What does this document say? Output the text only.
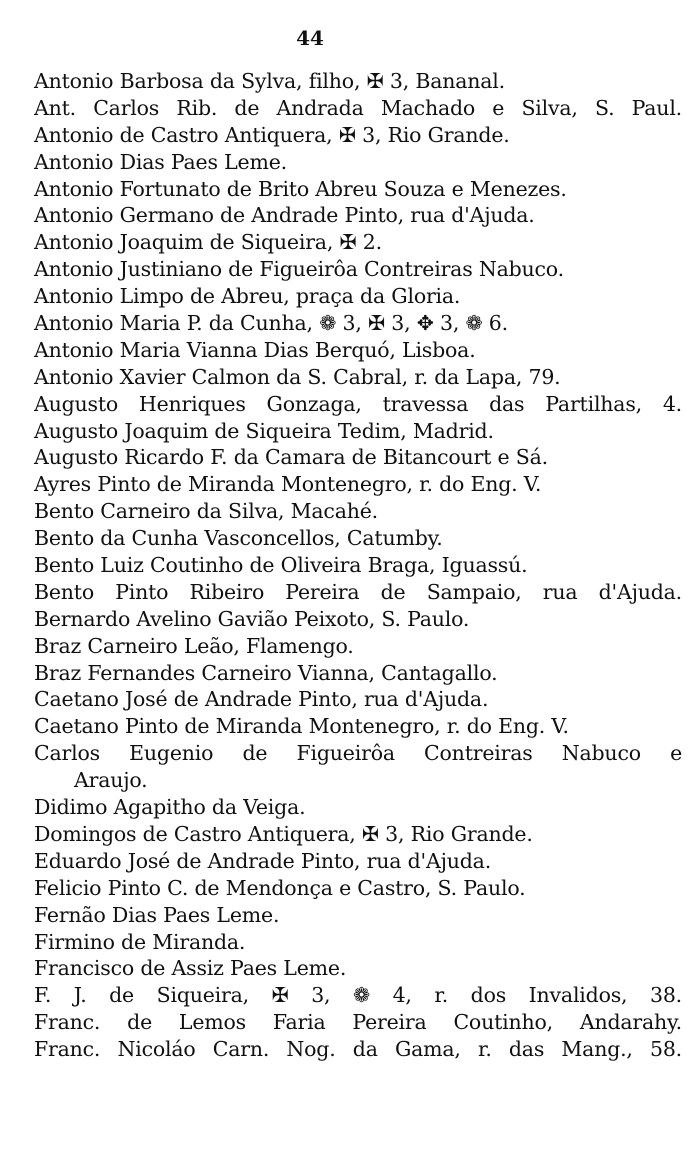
44
Antonio Barbosa da Sylva, filho, ✠ 3, Bananal.
Ant. Carlos Rib. de Andrada Machado e Silva, S. Paul.
Antonio de Castro Antiquera, ✠ 3, Rio Grande.
Antonio Dias Paes Leme.
Antonio Fortunato de Brito Abreu Souza e Menezes.
Antonio Germano de Andrade Pinto, rua d'Ajuda.
Antonio Joaquim de Siqueira, ✠ 2.
Antonio Justiniano de Figueirôa Contreiras Nabuco.
Antonio Limpo de Abreu, praça da Gloria.
Antonio Maria P. da Cunha, ❁ 3, ✠ 3, ✥ 3, ❁ 6.
Antonio Maria Vianna Dias Berquó, Lisboa.
Antonio Xavier Calmon da S. Cabral, r. da Lapa, 79.
Augusto Henriques Gonzaga, travessa das Partilhas, 4.
Augusto Joaquim de Siqueira Tedim, Madrid.
Augusto Ricardo F. da Camara de Bitancourt e Sá.
Ayres Pinto de Miranda Montenegro, r. do Eng. V.
Bento Carneiro da Silva, Macahé.
Bento da Cunha Vasconcellos, Catumby.
Bento Luiz Coutinho de Oliveira Braga, Iguassú.
Bento Pinto Ribeiro Pereira de Sampaio, rua d'Ajuda.
Bernardo Avelino Gavião Peixoto, S. Paulo.
Braz Carneiro Leão, Flamengo.
Braz Fernandes Carneiro Vianna, Cantagallo.
Caetano José de Andrade Pinto, rua d'Ajuda.
Caetano Pinto de Miranda Montenegro, r. do Eng. V.
Carlos Eugenio de Figueirôa Contreiras Nabuco e
Araujo.
Didimo Agapitho da Veiga.
Domingos de Castro Antiquera, ✠ 3, Rio Grande.
Eduardo José de Andrade Pinto, rua d'Ajuda.
Felicio Pinto C. de Mendonça e Castro, S. Paulo.
Fernão Dias Paes Leme.
Firmino de Miranda.
Francisco de Assiz Paes Leme.
F. J. de Siqueira, ✠ 3, ❁ 4, r. dos Invalidos, 38.
Franc. de Lemos Faria Pereira Coutinho, Andarahy.
Franc. Nicoláo Carn. Nog. da Gama, r. das Mang., 58.
